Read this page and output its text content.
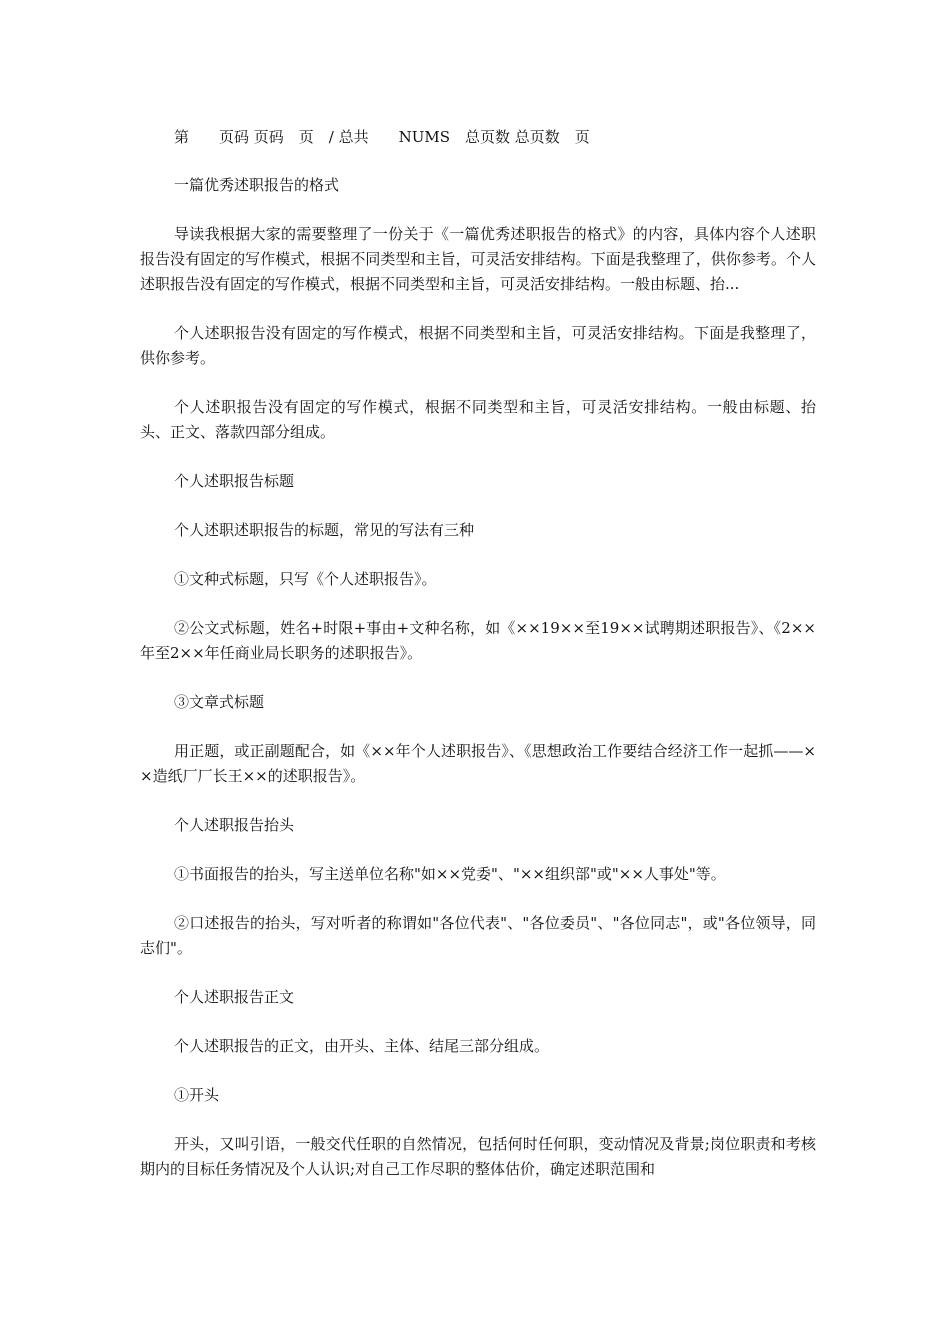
第　　页码 页码　页　/ 总共　　NUMS　总页数 总页数　页

一篇优秀述职报告的格式

导读我根据大家的需要整理了一份关于《一篇优秀述职报告的格式》的内容，具体内容个人述职报告没有固定的写作模式，根据不同类型和主旨，可灵活安排结构。下面是我整理了，供你参考。个人述职报告没有固定的写作模式，根据不同类型和主旨，可灵活安排结构。一般由标题、抬...

个人述职报告没有固定的写作模式，根据不同类型和主旨，可灵活安排结构。下面是我整理了，供你参考。

个人述职报告没有固定的写作模式，根据不同类型和主旨，可灵活安排结构。一般由标题、抬头、正文、落款四部分组成。

个人述职报告标题

个人述职述职报告的标题，常见的写法有三种

①文种式标题，只写《个人述职报告》。

②公文式标题，姓名+时限+事由+文种名称，如《××19××至19××试聘期述职报告》、《2××年至2××年任商业局长职务的述职报告》。

③文章式标题

用正题，或正副题配合，如《××年个人述职报告》、《思想政治工作要结合经济工作一起抓——××造纸厂厂长王××的述职报告》。

个人述职报告抬头

①书面报告的抬头，写主送单位名称"如××党委"、"××组织部"或"××人事处"等。

②口述报告的抬头，写对听者的称谓如"各位代表"、"各位委员"、"各位同志"，或"各位领导，同志们"。

个人述职报告正文

个人述职报告的正文，由开头、主体、结尾三部分组成。

①开头

开头，又叫引语，一般交代任职的自然情况，包括何时任何职，变动情况及背景;岗位职责和考核期内的目标任务情况及个人认识;对自己工作尽职的整体估价，确定述职范围和
